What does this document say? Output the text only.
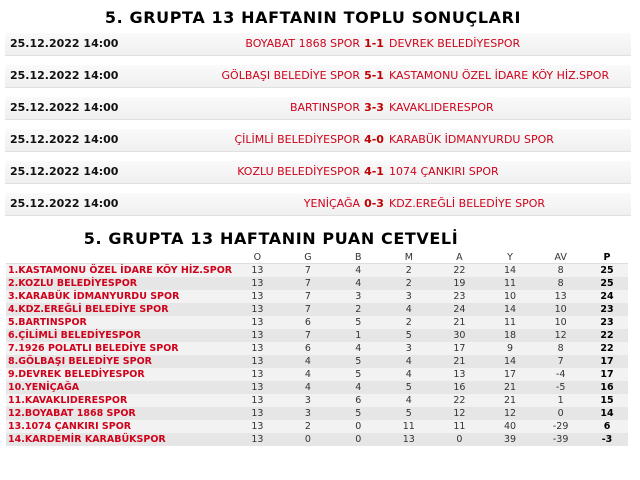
5. GRUPTA 13 HAFTANIN TOPLU SONUÇLARI
25.12.2022 14:00	BOYABAT 1868 SPOR 1-1 DEVREK BELEDİYESPOR
25.12.2022 14:00	GÖLBAŞI BELEDİYE SPOR 5-1 KASTAMONU ÖZEL İDARE KÖY HİZ.SPOR
25.12.2022 14:00	BARTINSPOR 3-3 KAVAKLIDERESPOR
25.12.2022 14:00	ÇİLİMLİ BELEDİYESPOR 4-0 KARABÜK İDMANYURDU SPOR
25.12.2022 14:00	KOZLU BELEDİYESPOR 4-1 1074 ÇANKIRI SPOR
25.12.2022 14:00	YENİÇAĞA 0-3 KDZ.EREĞLİ BELEDİYE SPOR
5. GRUPTA 13 HAFTANIN PUAN CETVELİ
	O	G	B	M	A	Y	AV	P
1.KASTAMONU ÖZEL İDARE KÖY HİZ.SPOR	13	7	4	2	22	14	8	25
2.KOZLU BELEDİYESPOR	13	7	4	2	19	11	8	25
3.KARABÜK İDMANYURDU SPOR	13	7	3	3	23	10	13	24
4.KDZ.EREĞLİ BELEDİYE SPOR	13	7	2	4	24	14	10	23
5.BARTINSPOR	13	6	5	2	21	11	10	23
6.ÇİLİMLİ BELEDİYESPOR	13	7	1	5	30	18	12	22
7.1926 POLATLI BELEDİYE SPOR	13	6	4	3	17	9	8	22
8.GÖLBAŞI BELEDİYE SPOR	13	4	5	4	21	14	7	17
9.DEVREK BELEDİYESPOR	13	4	5	4	13	17	-4	17
10.YENİÇAĞA	13	4	4	5	16	21	-5	16
11.KAVAKLIDERESPOR	13	3	6	4	22	21	1	15
12.BOYABAT 1868 SPOR	13	3	5	5	12	12	0	14
13.1074 ÇANKIRI SPOR	13	2	0	11	11	40	-29	6
14.KARDEMİR KARABÜKSPOR	13	0	0	13	0	39	-39	-3
